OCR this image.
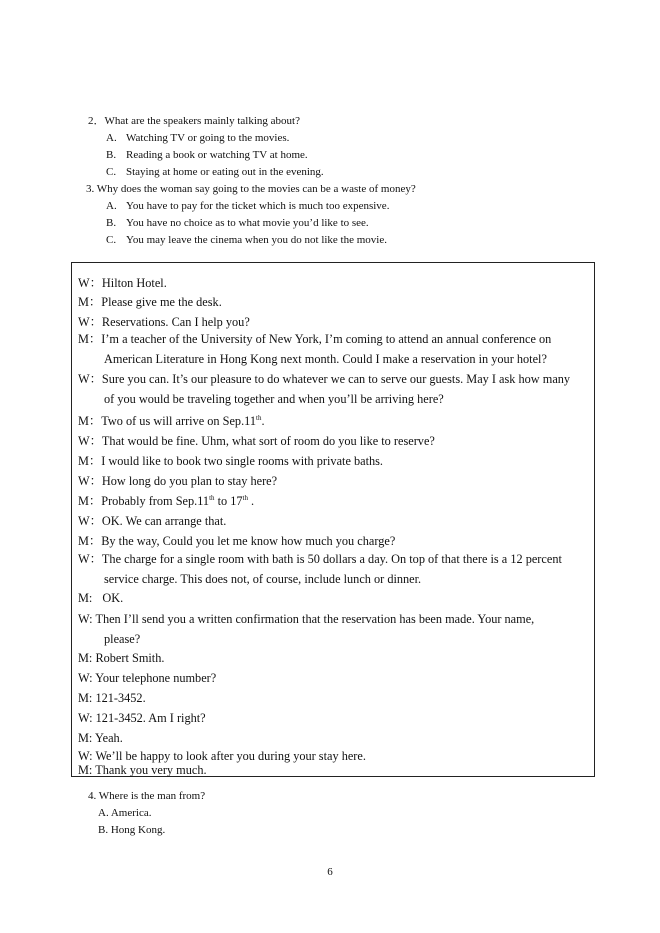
2．What are the speakers mainly talking about?
A. Watching TV or going to the movies.
B. Reading a book or watching TV at home.
C. Staying at home or eating out in the evening.
3. Why does the woman say going to the movies can be a waste of money?
A. You have to pay for the ticket which is much too expensive.
B. You have no choice as to what movie you’d like to see.
C. You may leave the cinema when you do not like the movie.
W：Hilton Hotel.
M：Please give me the desk.
W：Reservations. Can I help you?
M：I’m a teacher of the University of New York, I’m coming to attend an annual conference on
American Literature in Hong Kong next month. Could I make a reservation in your hotel?
W：Sure you can. It’s our pleasure to do whatever we can to serve our guests. May I ask how many
of you would be traveling together and when you’ll be arriving here?
M：Two of us will arrive on Sep.11th.
W：That would be fine. Uhm, what sort of room do you like to reserve?
M：I would like to book two single rooms with private baths.
W：How long do you plan to stay here?
M：Probably from Sep.11th to 17th .
W：OK. We can arrange that.
M：By the way, Could you let me know how much you charge?
W：The charge for a single room with bath is 50 dollars a day. On top of that there is a 12 percent
service charge. This does not, of course, include lunch or dinner.
M: OK.
W: Then I’ll send you a written confirmation that the reservation has been made. Your name,
please?
M: Robert Smith.
W: Your telephone number?
M: 121-3452.
W: 121-3452. Am I right?
M: Yeah.
W: We’ll be happy to look after you during your stay here.
M: Thank you very much.
4. Where is the man from?
A. America.
B. Hong Kong.
6
